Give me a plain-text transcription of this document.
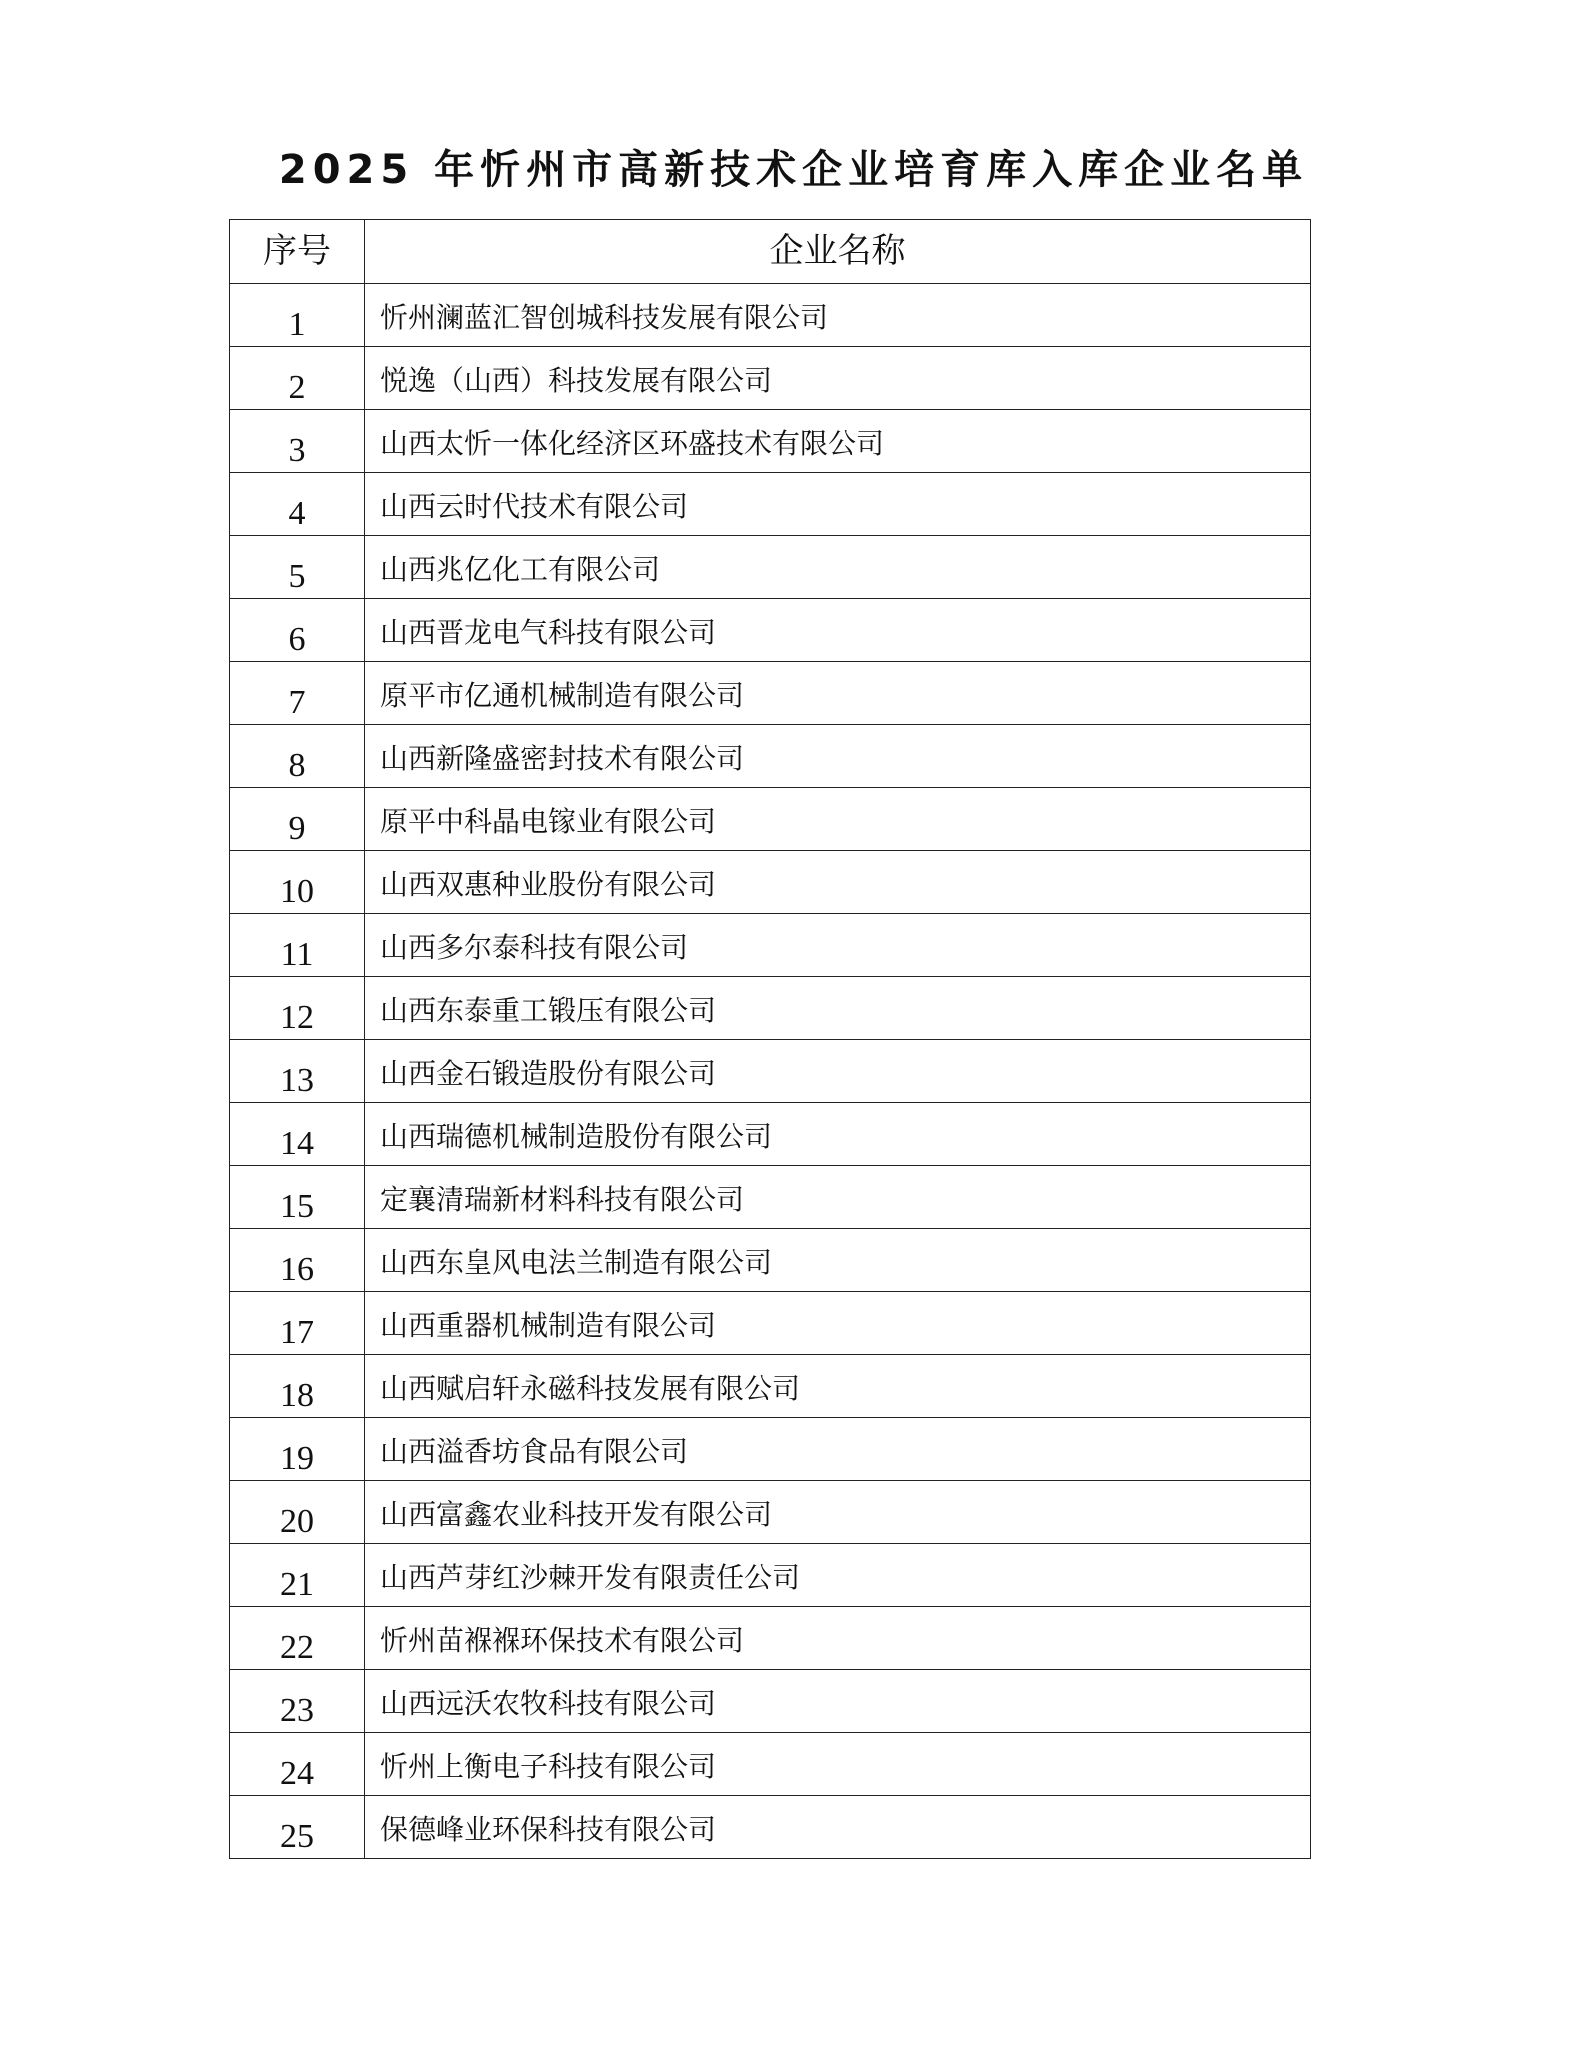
2025 年忻州市高新技术企业培育库入库企业名单
序号	企业名称
1	忻州澜蓝汇智创城科技发展有限公司
2	悦逸（山西）科技发展有限公司
3	山西太忻一体化经济区环盛技术有限公司
4	山西云时代技术有限公司
5	山西兆亿化工有限公司
6	山西晋龙电气科技有限公司
7	原平市亿通机械制造有限公司
8	山西新隆盛密封技术有限公司
9	原平中科晶电镓业有限公司
10	山西双惠种业股份有限公司
11	山西多尔泰科技有限公司
12	山西东泰重工锻压有限公司
13	山西金石锻造股份有限公司
14	山西瑞德机械制造股份有限公司
15	定襄清瑞新材料科技有限公司
16	山西东皇风电法兰制造有限公司
17	山西重器机械制造有限公司
18	山西赋启轩永磁科技发展有限公司
19	山西溢香坊食品有限公司
20	山西富鑫农业科技开发有限公司
21	山西芦芽红沙棘开发有限责任公司
22	忻州苗褓褓环保技术有限公司
23	山西远沃农牧科技有限公司
24	忻州上衡电子科技有限公司
25	保德峰业环保科技有限公司
